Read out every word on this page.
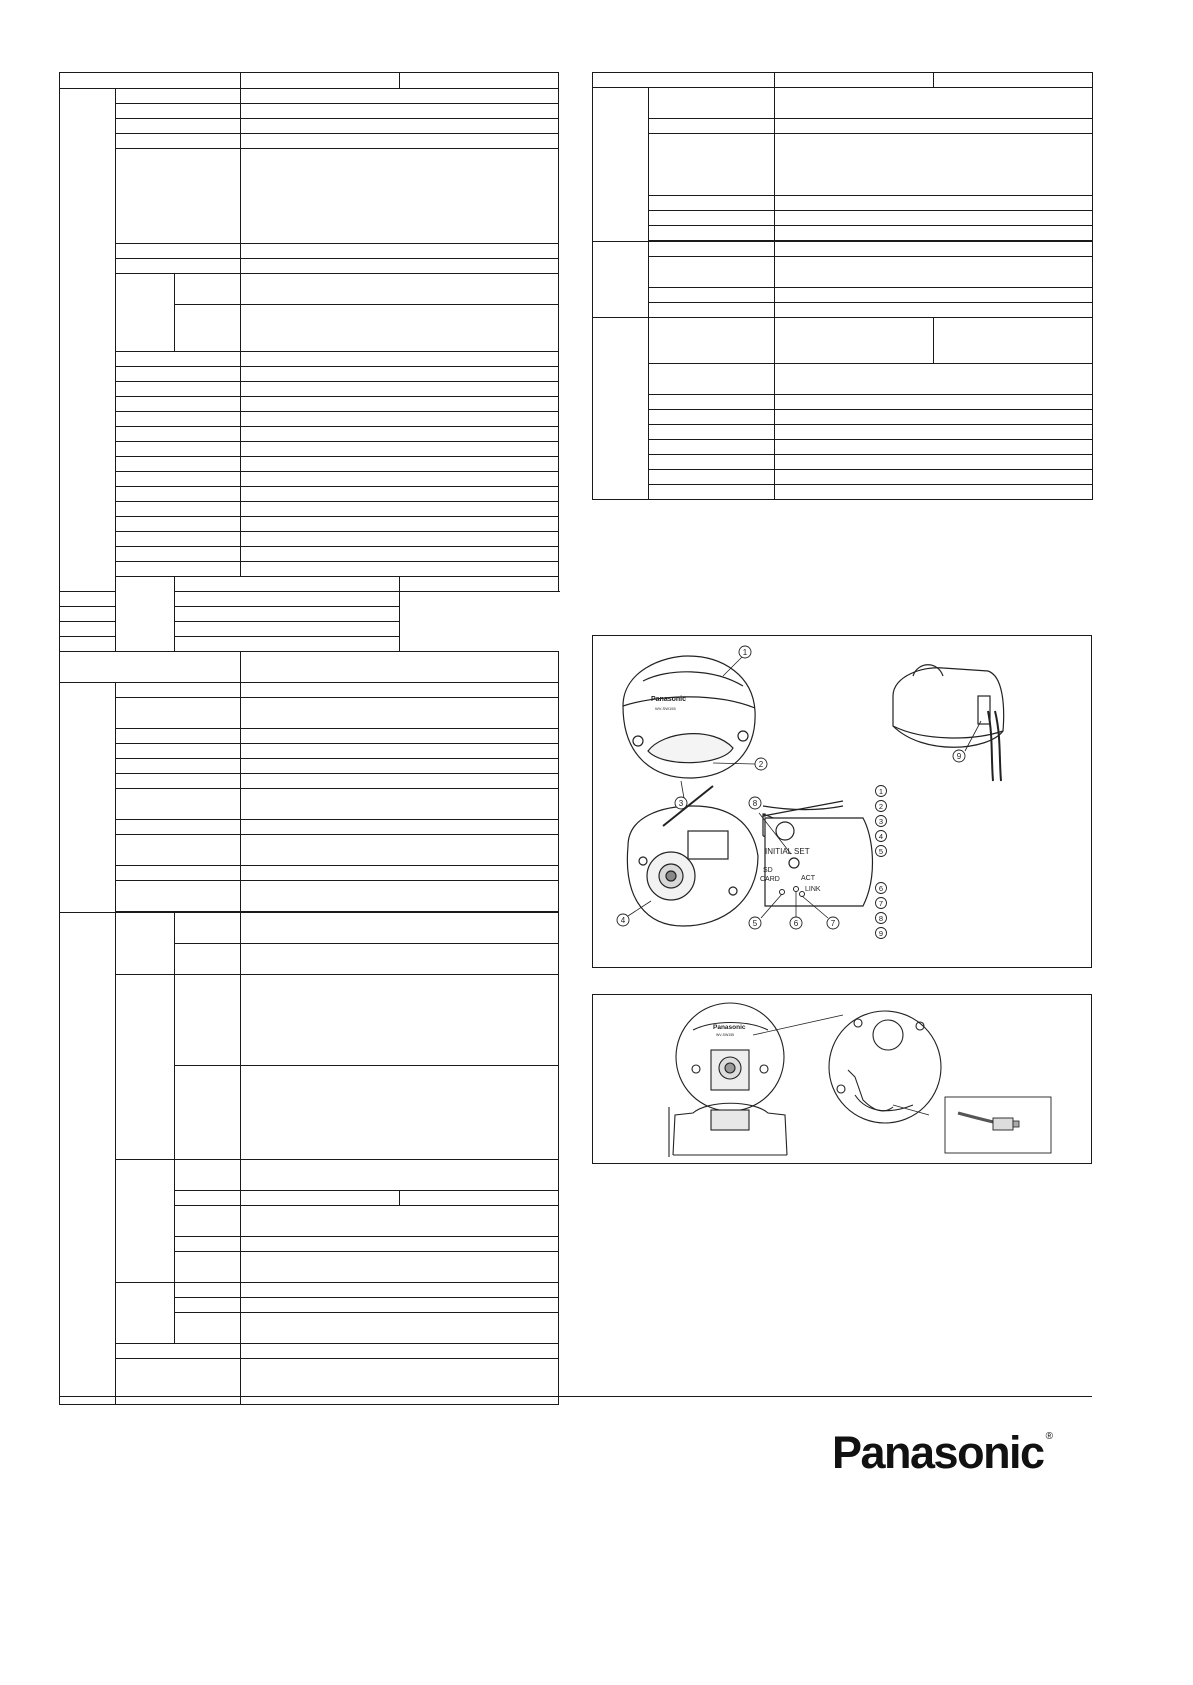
Panasonic
WV-SW155
INITIAL SET
SD
CARD	ACT
LINK
1
2
3
4	5	6	7
8
9
1
2
3
4
5
6
7
8
9
Panasonic
WV-SW155
Panasonic ®
